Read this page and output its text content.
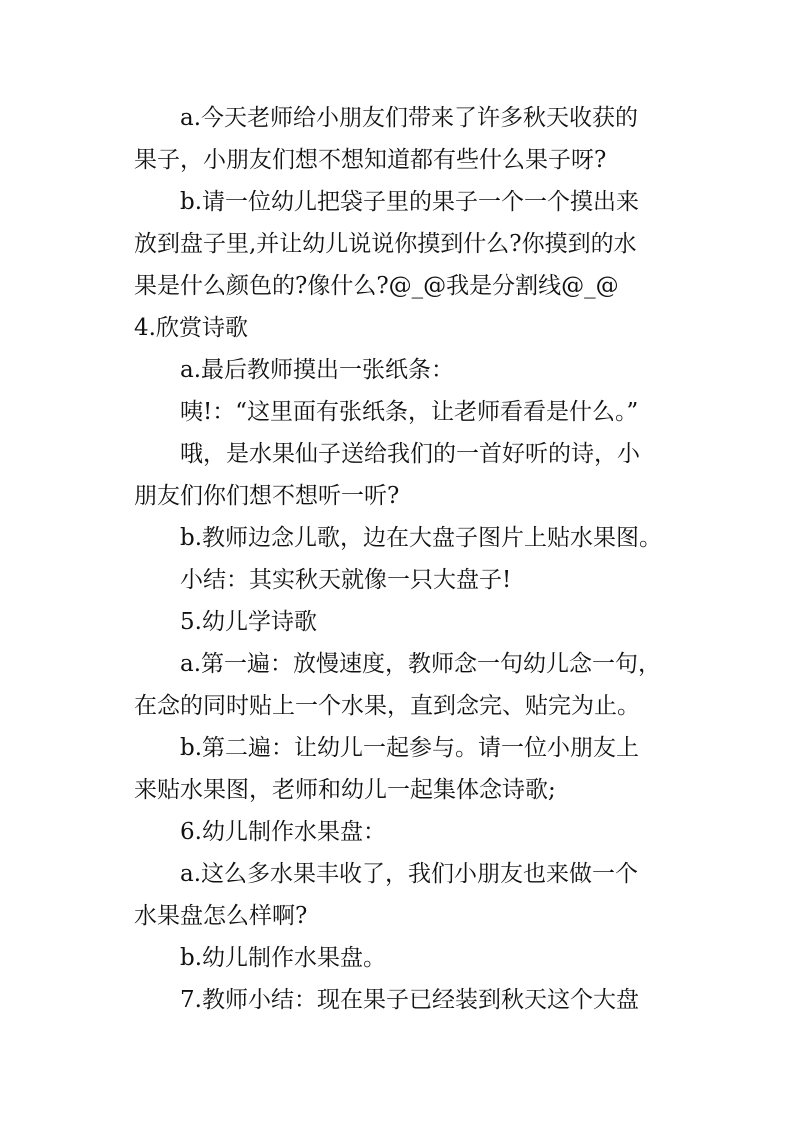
a.今天老师给小朋友们带来了许多秋天收获的
果子，小朋友们想不想知道都有些什么果子呀?
b.请一位幼儿把袋子里的果子一个一个摸出来
放到盘子里,并让幼儿说说你摸到什么?你摸到的水
果是什么颜色的?像什么?@_@我是分割线@_@
4.欣赏诗歌
a.最后教师摸出一张纸条：
咦!：“这里面有张纸条，让老师看看是什么。”
哦，是水果仙子送给我们的一首好听的诗，小
朋友们你们想不想听一听?
b.教师边念儿歌，边在大盘子图片上贴水果图。
小结：其实秋天就像一只大盘子!
5.幼儿学诗歌
a.第一遍：放慢速度，教师念一句幼儿念一句，
在念的同时贴上一个水果，直到念完、贴完为止。
b.第二遍：让幼儿一起参与。请一位小朋友上
来贴水果图，老师和幼儿一起集体念诗歌;
6.幼儿制作水果盘：
a.这么多水果丰收了，我们小朋友也来做一个
水果盘怎么样啊?
b.幼儿制作水果盘。
7.教师小结：现在果子已经装到秋天这个大盘
